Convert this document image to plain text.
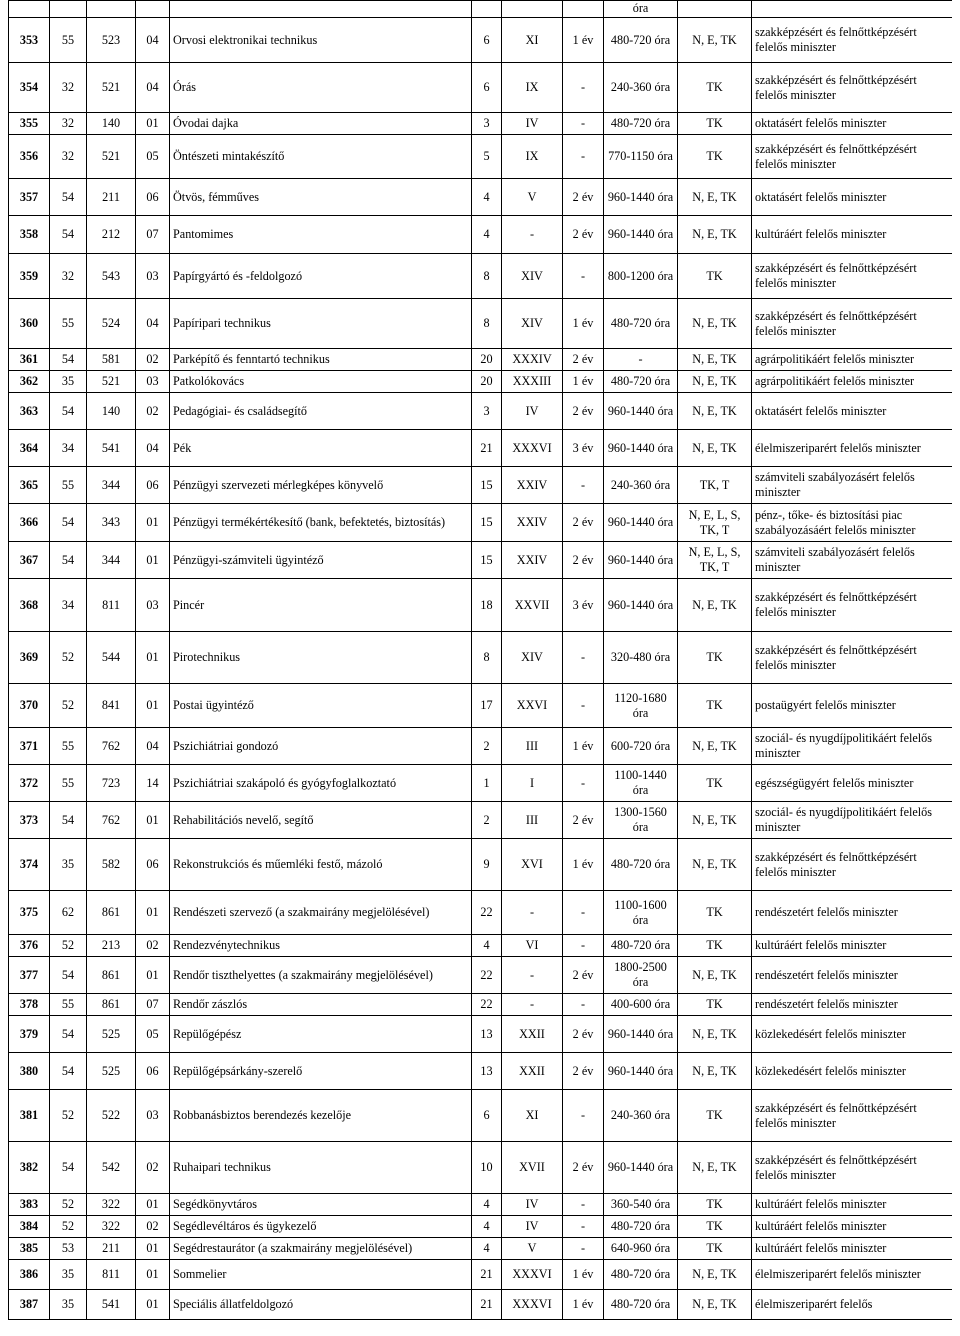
								óra		
353	55	523	04	Orvosi elektronikai technikus	6	XI	1 év	480-720 óra	N, E, TK	szakképzésért és felnőttképzésért felelős miniszter
354	32	521	04	Órás	6	IX	-	240-360 óra	TK	szakképzésért és felnőttképzésért felelős miniszter
355	32	140	01	Óvodai dajka	3	IV	-	480-720 óra	TK	oktatásért felelős miniszter
356	32	521	05	Öntészeti mintakészítő	5	IX	-	770-1150 óra	TK	szakképzésért és felnőttképzésért felelős miniszter
357	54	211	06	Ötvös, fémműves	4	V	2 év	960-1440 óra	N, E, TK	oktatásért felelős miniszter
358	54	212	07	Pantomimes	4	-	2 év	960-1440 óra	N, E, TK	kultúráért felelős miniszter
359	32	543	03	Papírgyártó és -feldolgozó	8	XIV	-	800-1200 óra	TK	szakképzésért és felnőttképzésért felelős miniszter
360	55	524	04	Papíripari technikus	8	XIV	1 év	480-720 óra	N, E, TK	szakképzésért és felnőttképzésért felelős miniszter
361	54	581	02	Parképítő és fenntartó technikus	20	XXXIV	2 év	-	N, E, TK	agrárpolitikáért felelős miniszter
362	35	521	03	Patkolókovács	20	XXXIII	1 év	480-720 óra	N, E, TK	agrárpolitikáért felelős miniszter
363	54	140	02	Pedagógiai- és családsegítő	3	IV	2 év	960-1440 óra	N, E, TK	oktatásért felelős miniszter
364	34	541	04	Pék	21	XXXVI	3 év	960-1440 óra	N, E, TK	élelmiszeriparért felelős miniszter
365	55	344	06	Pénzügyi szervezeti mérlegképes könyvelő	15	XXIV	-	240-360 óra	TK, T	számviteli szabályozásért felelős miniszter
366	54	343	01	Pénzügyi termékértékesítő (bank, befektetés, biztosítás)	15	XXIV	2 év	960-1440 óra	N, E, L, S, TK, T	pénz-, tőke- és biztosítási piac szabályozásáért felelős miniszter
367	54	344	01	Pénzügyi-számviteli ügyintéző	15	XXIV	2 év	960-1440 óra	N, E, L, S, TK, T	számviteli szabályozásért felelős miniszter
368	34	811	03	Pincér	18	XXVII	3 év	960-1440 óra	N, E, TK	szakképzésért és felnőttképzésért felelős miniszter
369	52	544	01	Pirotechnikus	8	XIV	-	320-480 óra	TK	szakképzésért és felnőttképzésért felelős miniszter
370	52	841	01	Postai ügyintéző	17	XXVI	-	1120-1680 óra	TK	postaügyért felelős miniszter
371	55	762	04	Pszichiátriai gondozó	2	III	1 év	600-720 óra	N, E, TK	szociál- és nyugdíjpolitikáért felelős miniszter
372	55	723	14	Pszichiátriai szakápoló és gyógyfoglalkoztató	1	I	-	1100-1440 óra	TK	egészségügyért felelős miniszter
373	54	762	01	Rehabilitációs nevelő, segítő	2	III	2 év	1300-1560 óra	N, E, TK	szociál- és nyugdíjpolitikáért felelős miniszter
374	35	582	06	Rekonstrukciós és műemléki festő, mázoló	9	XVI	1 év	480-720 óra	N, E, TK	szakképzésért és felnőttképzésért felelős miniszter
375	62	861	01	Rendészeti szervező (a szakmairány megjelölésével)	22	-	-	1100-1600 óra	TK	rendészetért felelős miniszter
376	52	213	02	Rendezvénytechnikus	4	VI	-	480-720 óra	TK	kultúráért felelős miniszter
377	54	861	01	Rendőr tiszthelyettes (a szakmairány megjelölésével)	22	-	2 év	1800-2500 óra	N, E, TK	rendészetért felelős miniszter
378	55	861	07	Rendőr zászlós	22	-	-	400-600 óra	TK	rendészetért felelős miniszter
379	54	525	05	Repülőgépész	13	XXII	2 év	960-1440 óra	N, E, TK	közlekedésért felelős miniszter
380	54	525	06	Repülőgépsárkány-szerelő	13	XXII	2 év	960-1440 óra	N, E, TK	közlekedésért felelős miniszter
381	52	522	03	Robbanásbiztos berendezés kezelője	6	XI	-	240-360 óra	TK	szakképzésért és felnőttképzésért felelős miniszter
382	54	542	02	Ruhaipari technikus	10	XVII	2 év	960-1440 óra	N, E, TK	szakképzésért és felnőttképzésért felelős miniszter
383	52	322	01	Segédkönyvtáros	4	IV	-	360-540 óra	TK	kultúráért felelős miniszter
384	52	322	02	Segédlevéltáros és ügykezelő	4	IV	-	480-720 óra	TK	kultúráért felelős miniszter
385	53	211	01	Segédrestaurátor (a szakmairány megjelölésével)	4	V	-	640-960 óra	TK	kultúráért felelős miniszter
386	35	811	01	Sommelier	21	XXXVI	1 év	480-720 óra	N, E, TK	élelmiszeriparért felelős miniszter
387	35	541	01	Speciális állatfeldolgozó	21	XXXVI	1 év	480-720 óra	N, E, TK	élelmiszeriparért felelős
